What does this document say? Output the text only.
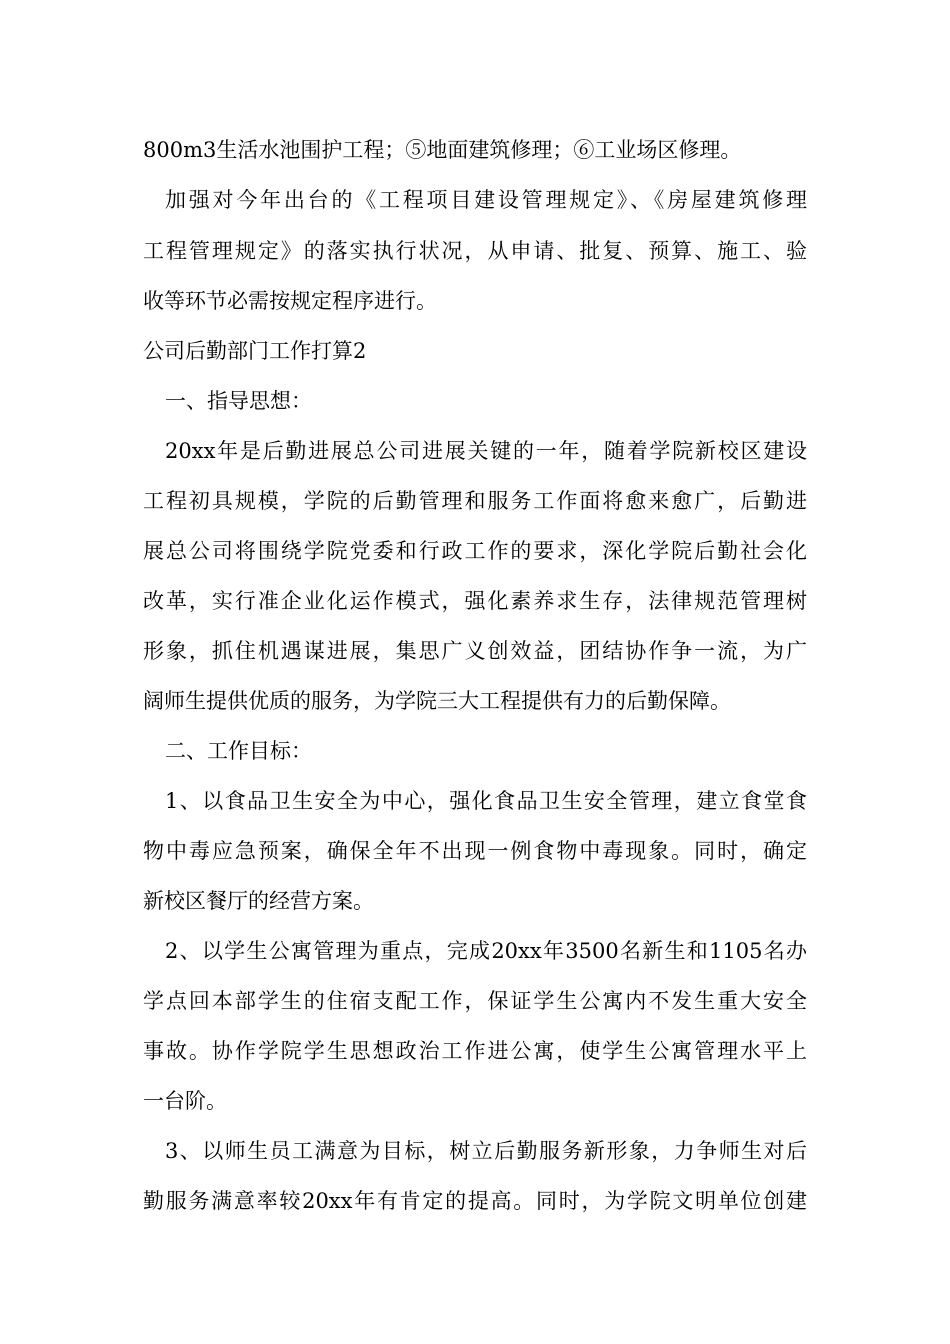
800m3生活水池围护工程；⑤地面建筑修理；⑥工业场区修理。
加强对今年出台的《工程项目建设管理规定》、《房屋建筑修理
工程管理规定》的落实执行状况，从申请、批复、预算、施工、验
收等环节必需按规定程序进行。
公司后勤部门工作打算2
一、指导思想：
20xx年是后勤进展总公司进展关键的一年，随着学院新校区建设
工程初具规模，学院的后勤管理和服务工作面将愈来愈广，后勤进
展总公司将围绕学院党委和行政工作的要求，深化学院后勤社会化
改革，实行准企业化运作模式，强化素养求生存，法律规范管理树
形象，抓住机遇谋进展，集思广义创效益，团结协作争一流，为广
阔师生提供优质的服务，为学院三大工程提供有力的后勤保障。
二、工作目标：
1、以食品卫生安全为中心，强化食品卫生安全管理，建立食堂食
物中毒应急预案，确保全年不出现一例食物中毒现象。同时，确定
新校区餐厅的经营方案。
2、以学生公寓管理为重点，完成20xx年3500名新生和1105名办
学点回本部学生的住宿支配工作，保证学生公寓内不发生重大安全
事故。协作学院学生思想政治工作进公寓，使学生公寓管理水平上
一台阶。
3、以师生员工满意为目标，树立后勤服务新形象，力争师生对后
勤服务满意率较20xx年有肯定的提高。同时，为学院文明单位创建
